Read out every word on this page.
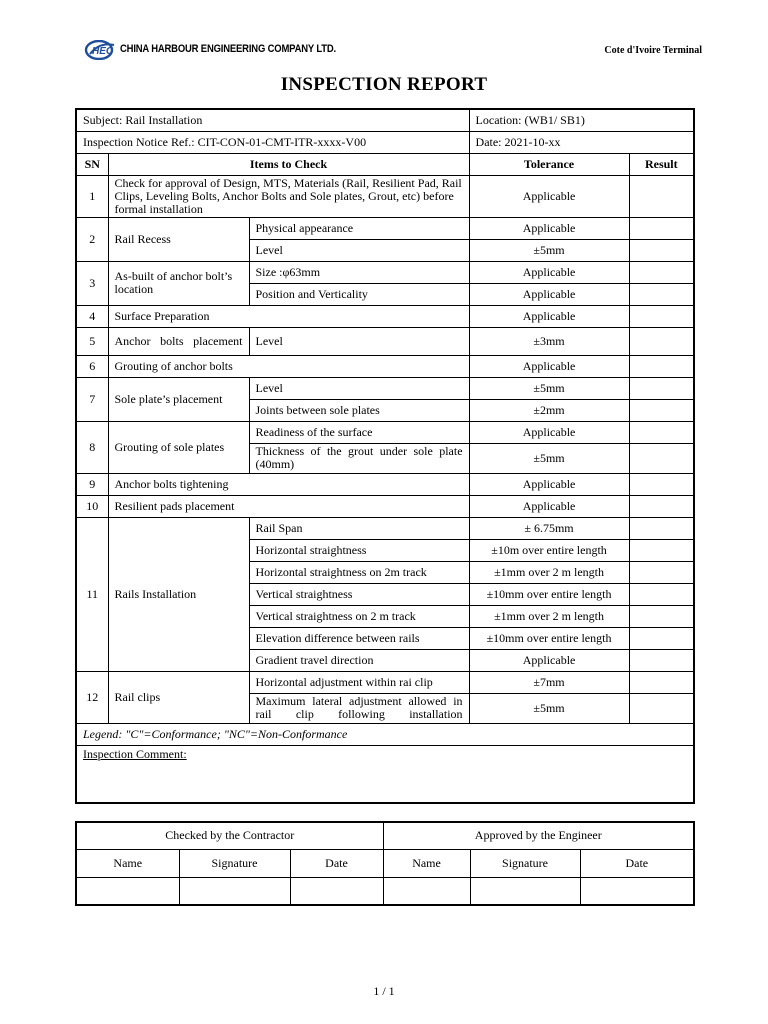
HEC CHINA HARBOUR ENGINEERING COMPANY LTD.	Cote d'Ivoire Terminal
INSPECTION REPORT
Subject: Rail Installation			Location: (WB1/ SB1)	
Inspection Notice Ref.: CIT-CON-01-CMT-ITR-xxxx-V00			Date: 2021-10-xx	
SN	Items to Check		Tolerance	Result
1	Check for approval of Design, MTS, Materials (Rail, Resilient Pad, Rail Clips, Leveling Bolts, Anchor Bolts and Sole plates, Grout, etc) before formal installation		Applicable	
2	Rail Recess	Physical appearance	Applicable	
		Level	±5mm	
3	As-built of anchor bolt’s location	Size :φ63mm	Applicable	
		Position and Verticality	Applicable	
4	Surface Preparation		Applicable	
5	Anchor bolts placement	Level	±3mm	
6	Grouting of anchor bolts		Applicable	
7	Sole plate’s placement	Level	±5mm	
		Joints between sole plates	±2mm	
8	Grouting of sole plates	Readiness of the surface	Applicable	
		Thickness of the grout under sole plate (40mm)	±5mm	
9	Anchor bolts tightening		Applicable	
10	Resilient pads placement		Applicable	
11	Rails Installation	Rail Span	± 6.75mm	
		Horizontal straightness	±10m over entire length	
		Horizontal straightness on 2m track	±1mm over 2 m length	
		Vertical straightness	±10mm over entire length	
		Vertical straightness on 2 m track	±1mm over 2 m length	
		Elevation difference between rails	±10mm over entire length	
		Gradient travel direction	Applicable	
12	Rail clips	Horizontal adjustment within rai clip	±7mm	
		Maximum lateral adjustment allowed in rail clip following installation	±5mm	
Legend: "C"=Conformance; "NC"=Non-Conformance				
Inspection Comment:				
Checked by the Contractor			Approved by the Engineer		
Name	Signature	Date	Name	Signature	Date

1 / 1
